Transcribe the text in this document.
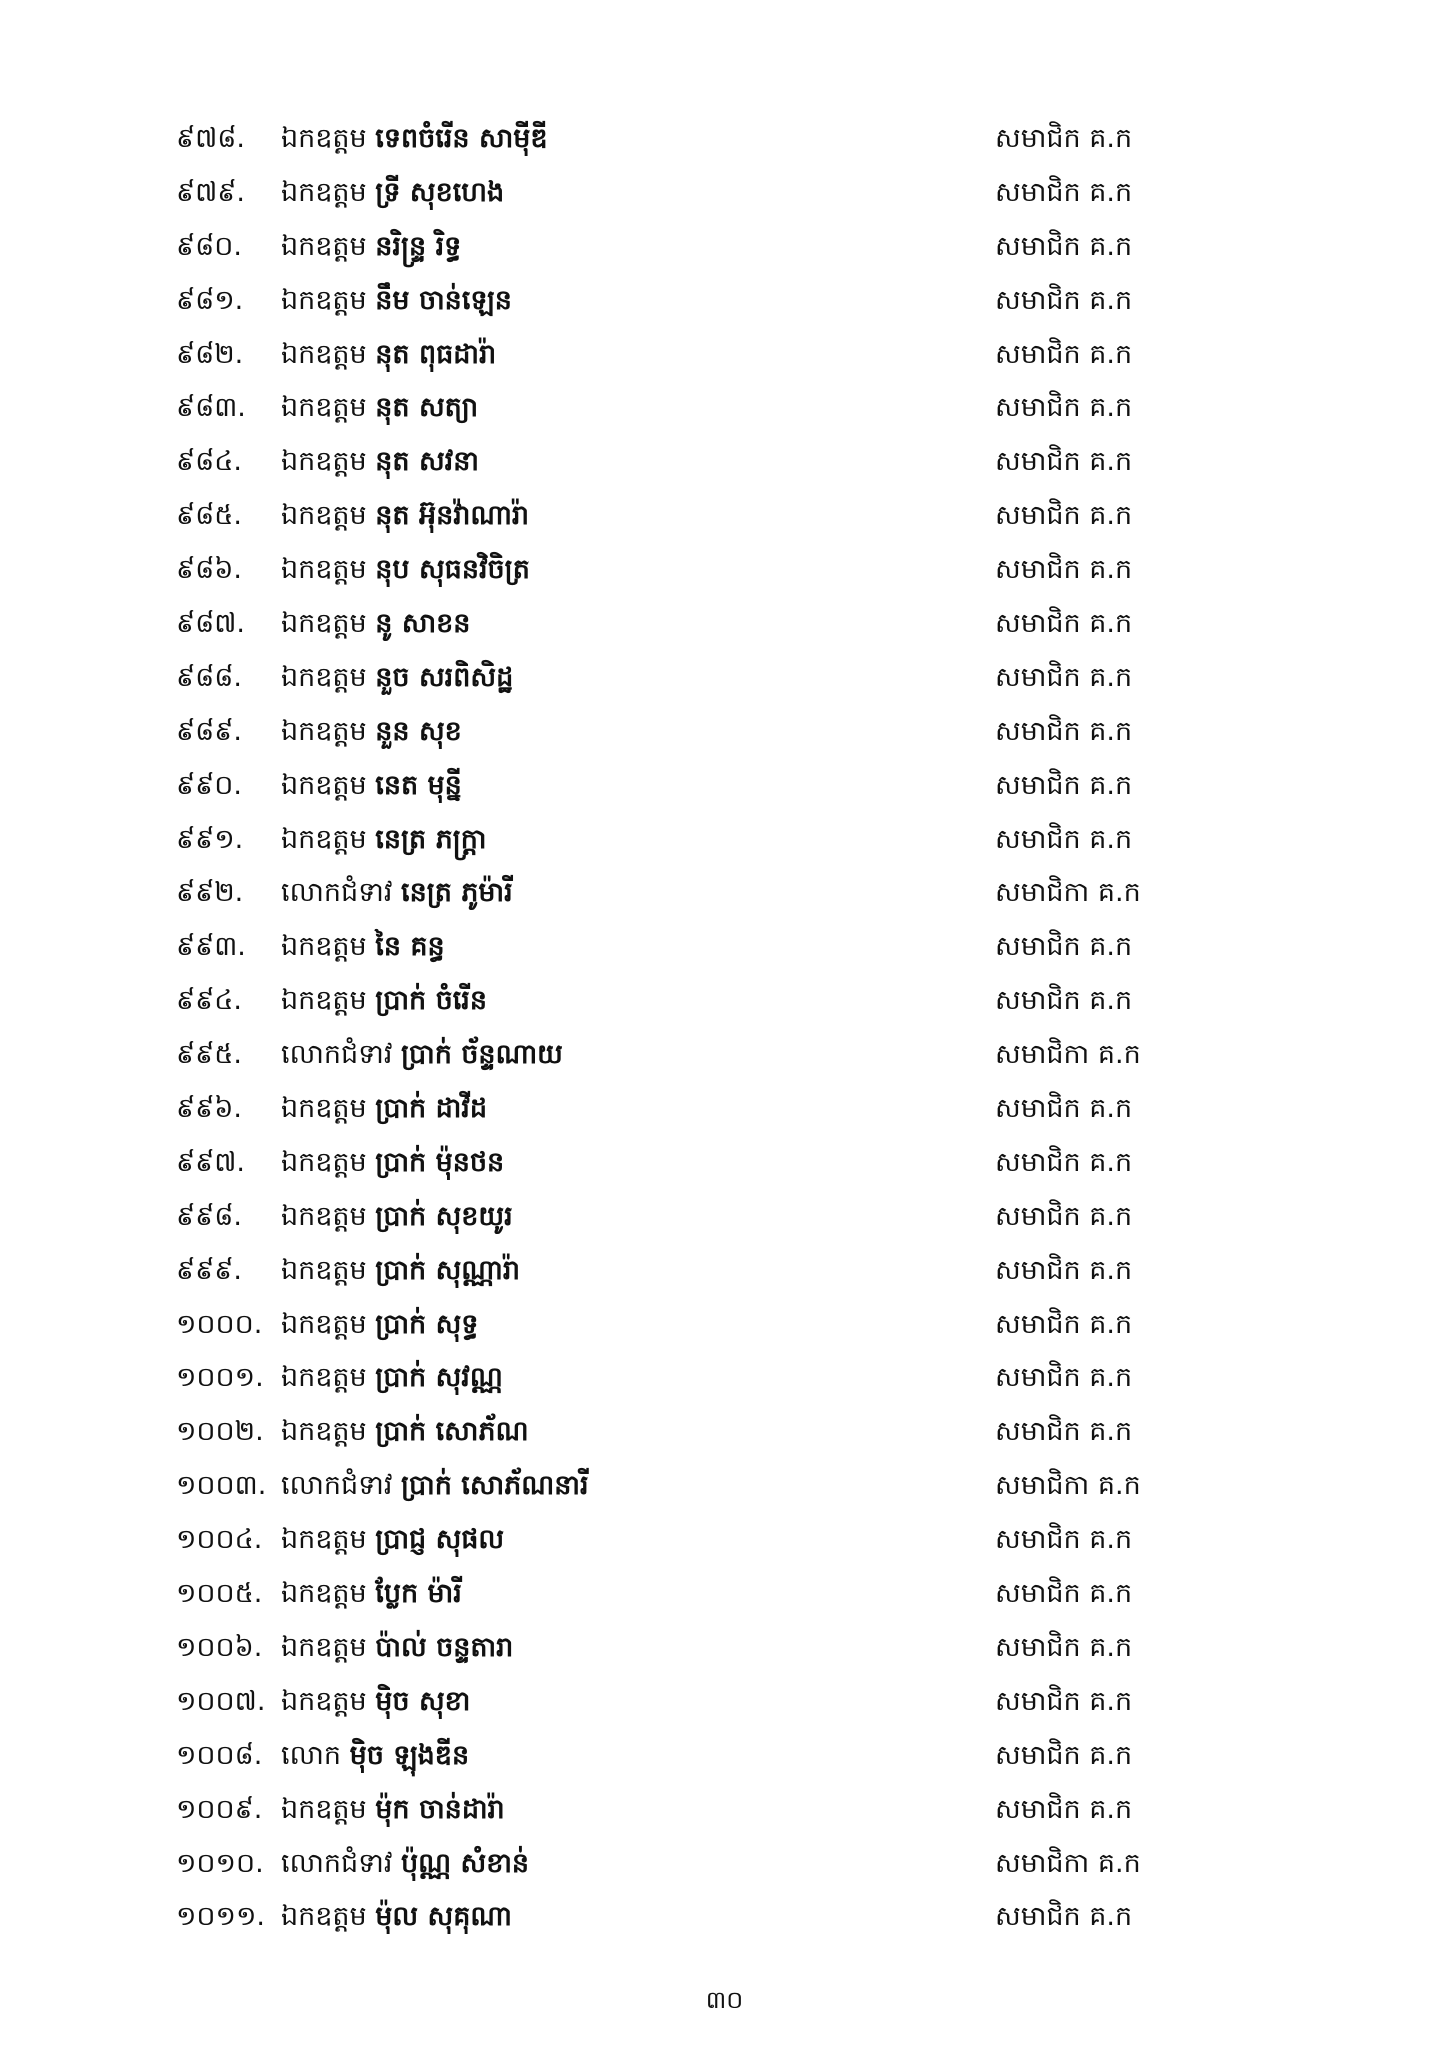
៩៧៨.	ឯកឧត្តម ទេពចំរើន សាម៉ីឌី	សមាជិក គ.ក
៩៧៩.	ឯកឧត្តម ទ្រី សុខហេង	សមាជិក គ.ក
៩៨០.	ឯកឧត្តម នរិន្ទ្រ រិទ្ធ	សមាជិក គ.ក
៩៨១.	ឯកឧត្តម នឹម ចាន់ឡេន	សមាជិក គ.ក
៩៨២.	ឯកឧត្តម នុត ពុធដារ៉ា	សមាជិក គ.ក
៩៨៣.	ឯកឧត្តម នុត សត្យា	សមាជិក គ.ក
៩៨៤.	ឯកឧត្តម នុត សវនា	សមាជិក គ.ក
៩៨៥.	ឯកឧត្តម នុត អ៊ុនវ៉ាណារ៉ា	សមាជិក គ.ក
៩៨៦.	ឯកឧត្តម នុប សុធនវិចិត្រ	សមាជិក គ.ក
៩៨៧.	ឯកឧត្តម នូ សាខន	សមាជិក គ.ក
៩៨៨.	ឯកឧត្តម នួច សរពិសិដ្ឋ	សមាជិក គ.ក
៩៨៩.	ឯកឧត្តម នួន សុខ	សមាជិក គ.ក
៩៩០.	ឯកឧត្តម នេត មុន្នី	សមាជិក គ.ក
៩៩១.	ឯកឧត្តម នេត្រ ភក្ត្រា	សមាជិក គ.ក
៩៩២.	លោកជំទាវ នេត្រ ភូម៉ារី	សមាជិកា គ.ក
៩៩៣.	ឯកឧត្តម នៃ គន្ធ	សមាជិក គ.ក
៩៩៤.	ឯកឧត្តម ប្រាក់ ចំរើន	សមាជិក គ.ក
៩៩៥.	លោកជំទាវ ប្រាក់ ច័ន្ទណាយ	សមាជិកា គ.ក
៩៩៦.	ឯកឧត្តម ប្រាក់ ដាវីដ	សមាជិក គ.ក
៩៩៧.	ឯកឧត្តម ប្រាក់ ម៉ុនថន	សមាជិក គ.ក
៩៩៨.	ឯកឧត្តម ប្រាក់ សុខយូរ	សមាជិក គ.ក
៩៩៩.	ឯកឧត្តម ប្រាក់ សុណ្ណារ៉ា	សមាជិក គ.ក
១០០០. ឯកឧត្តម ប្រាក់ សុទ្ធ	សមាជិក គ.ក
១០០១. ឯកឧត្តម ប្រាក់ សុវណ្ណ	សមាជិក គ.ក
១០០២. ឯកឧត្តម ប្រាក់ សោភ័ណ	សមាជិក គ.ក
១០០៣. លោកជំទាវ ប្រាក់ សោភ័ណនារី	សមាជិកា គ.ក
១០០៤. ឯកឧត្តម ប្រាជ្ញ សុផល	សមាជិក គ.ក
១០០៥. ឯកឧត្តម ប្លែក ម៉ារី	សមាជិក គ.ក
១០០៦. ឯកឧត្តម ប៉ាល់ ចន្ទតារា	សមាជិក គ.ក
១០០៧. ឯកឧត្តម ម៉ិច សុខា	សមាជិក គ.ក
១០០៨. លោក ម៉ិច ឡុងឌីន	សមាជិក គ.ក
១០០៩. ឯកឧត្តម ម៉ុក ចាន់ដារ៉ា	សមាជិក គ.ក
១០១០. លោកជំទាវ ប៉ុណ្ណ សំខាន់	សមាជិកា គ.ក
១០១១. ឯកឧត្តម ម៉ុល សុគុណា	សមាជិក គ.ក
៣០
